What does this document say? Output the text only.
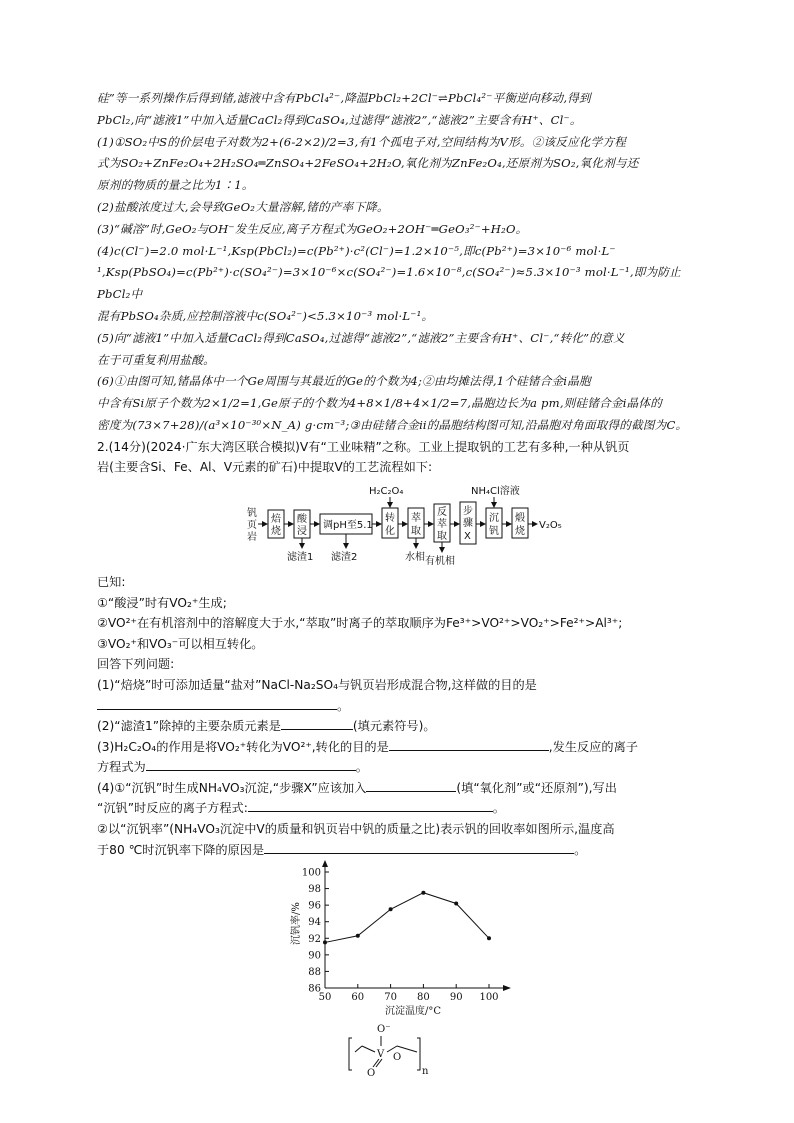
硅”等一系列操作后得到锗,滤液中含有PbCl₄²⁻,降温PbCl₂+2Cl⁻⇌PbCl₄²⁻平衡逆向移动,得到

PbCl₂,向“滤液1”中加入适量CaCl₂得到CaSO₄,过滤得“滤液2”,“滤液2”主要含有H⁺、Cl⁻。

(1)①SO₂中S的价层电子对数为2+(6-2×2)/2=3,有1个孤电子对,空间结构为V形。②该反应化学方程

式为SO₂+ZnFe₂O₄+2H₂SO₄═ZnSO₄+2FeSO₄+2H₂O,氧化剂为ZnFe₂O₄,还原剂为SO₂,氧化剂与还

原剂的物质的量之比为1∶1。

(2)盐酸浓度过大,会导致GeO₂大量溶解,锗的产率下降。

(3)“碱溶”时,GeO₂与OH⁻发生反应,离子方程式为GeO₂+2OH⁻═GeO₃²⁻+H₂O。

(4)c(Cl⁻)=2.0 mol·L⁻¹,Ksp(PbCl₂)=c(Pb²⁺)·c²(Cl⁻)=1.2×10⁻⁵,即c(Pb²⁺)=3×10⁻⁶ mol·L⁻

¹,Ksp(PbSO₄)=c(Pb²⁺)·c(SO₄²⁻)=3×10⁻⁶×c(SO₄²⁻)=1.6×10⁻⁸,c(SO₄²⁻)≈5.3×10⁻³ mol·L⁻¹,即为防止PbCl₂中

混有PbSO₄杂质,应控制溶液中c(SO₄²⁻)<5.3×10⁻³ mol·L⁻¹。

(5)向“滤液1”中加入适量CaCl₂得到CaSO₄,过滤得“滤液2”,“滤液2”主要含有H⁺、Cl⁻,“转化”的意义

在于可重复利用盐酸。

(6)①由图可知,锗晶体中一个Ge周围与其最近的Ge的个数为4;②由均摊法得,1个硅锗合金ⅰ晶胞

中含有Si原子个数为2×1/2=1,Ge原子的个数为4+8×1/8+4×1/2=7,晶胞边长为a pm,则硅锗合金ⅰ晶体的

密度为(73×7+28)/(a³×10⁻³⁰×N_A) g·cm⁻³;③由硅锗合金ⅱ的晶胞结构图可知,沿晶胞对角面取得的截图为C。

2.(14分)(2024·广东大湾区联合模拟)V有“工业味精”之称。工业上提取钒的工艺有多种,一种从钒页

岩(主要含Si、Fe、Al、V元素的矿石)中提取V的工艺流程如下:

钒
页
岩
焙
烧
酸
浸
滤渣1
调pH至5.1
滤渣2
H₂C₂O₄
转
化
萃
取
水相
反
萃
取
有机相
步
骤
X
NH₄Cl溶液
沉
钒
煅
烧
V₂O₅

已知:

①“酸浸”时有VO₂⁺生成;

②VO²⁺在有机溶剂中的溶解度大于水,“萃取”时离子的萃取顺序为Fe³⁺>VO²⁺>VO₂⁺>Fe²⁺>Al³⁺;

③VO₂⁺和VO₃⁻可以相互转化。

回答下列问题:

(1)“焙烧”时可添加适量“盐对”NaCl-Na₂SO₄与钒页岩形成混合物,这样做的目的是

。

(2)“滤渣1”除掉的主要杂质元素是	(填元素符号)。

(3)H₂C₂O₄的作用是将VO₂⁺转化为VO²⁺,转化的目的是	,发生反应的离子

方程式为	。

(4)①“沉钒”时生成NH₄VO₃沉淀,“步骤X”应该加入	(填“氧化剂”或“还原剂”),写出

“沉钒”时反应的离子方程式:	。

②以“沉钒率”(NH₄VO₃沉淀中V的质量和钒页岩中钒的质量之比)表示钒的回收率如图所示,温度高

于80 ℃时沉钒率下降的原因是	。

86
88
90
92
94
96
98
100
50 60 70 80 90 100
沉钒率/%
沉淀温度/°C
O⁻
V
O
O
n
